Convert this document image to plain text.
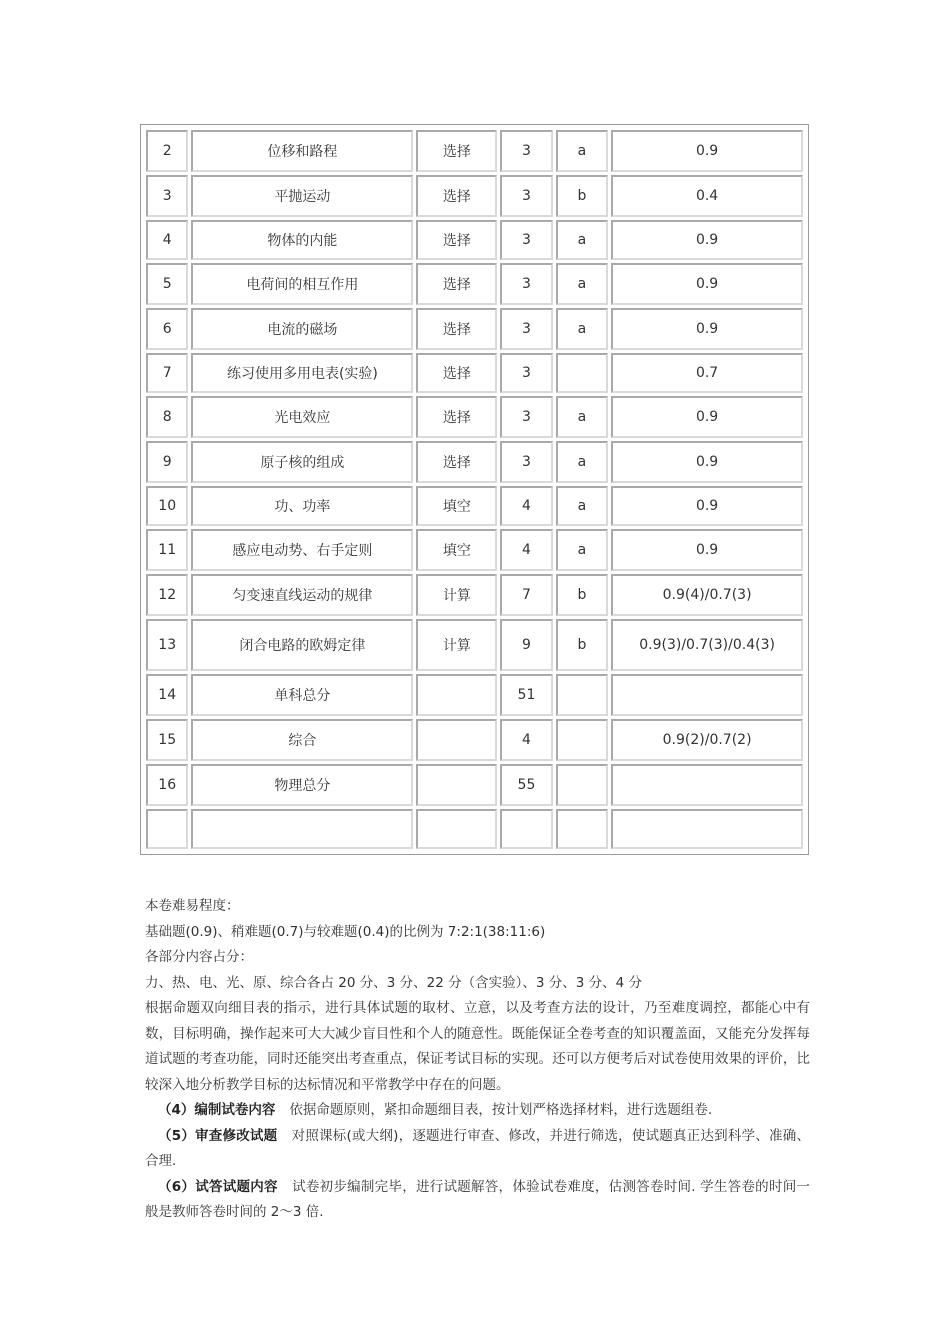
2	位移和路程	选择	3	a	0.9
3	平抛运动	选择	3	b	0.4
4	物体的内能	选择	3	a	0.9
5	电荷间的相互作用	选择	3	a	0.9
6	电流的磁场	选择	3	a	0.9
7	练习使用多用电表(实验)	选择	3		0.7
8	光电效应	选择	3	a	0.9
9	原子核的组成	选择	3	a	0.9
10	功、功率	填空	4	a	0.9
11	感应电动势、右手定则	填空	4	a	0.9
12	匀变速直线运动的规律	计算	7	b	0.9(4)/0.7(3)
13	闭合电路的欧姆定律	计算	9	b	0.9(3)/0.7(3)/0.4(3)
14	单科总分		51		
15	综合		4		0.9(2)/0.7(2)
16	物理总分		55		

本卷难易程度：

基础题(0.9)、稍难题(0.7)与较难题(0.4)的比例为 7:2:1(38:11:6)

各部分内容占分：

力、热、电、光、原、综合各占 20 分、3 分、22 分（含实验）、3 分、3 分、4 分

根据命题双向细目表的指示，进行具体试题的取材、立意，以及考查方法的设计，乃至难度调控，都能心中有数，目标明确，操作起来可大大减少盲目性和个人的随意性。既能保证全卷考查的知识覆盖面，又能充分发挥每道试题的考查功能，同时还能突出考查重点，保证考试目标的实现。还可以方便考后对试卷使用效果的评价，比较深入地分析教学目标的达标情况和平常教学中存在的问题。

（4）编制试卷内容 依据命题原则，紧扣命题细目表，按计划严格选择材料，进行选题组卷.

（5）审查修改试题 对照课标(或大纲)，逐题进行审查、修改，并进行筛选，使试题真正达到科学、准确、合理.

（6）试答试题内容 试卷初步编制完毕，进行试题解答，体验试卷难度，估测答卷时间. 学生答卷的时间一般是教师答卷时间的 2～3 倍.
